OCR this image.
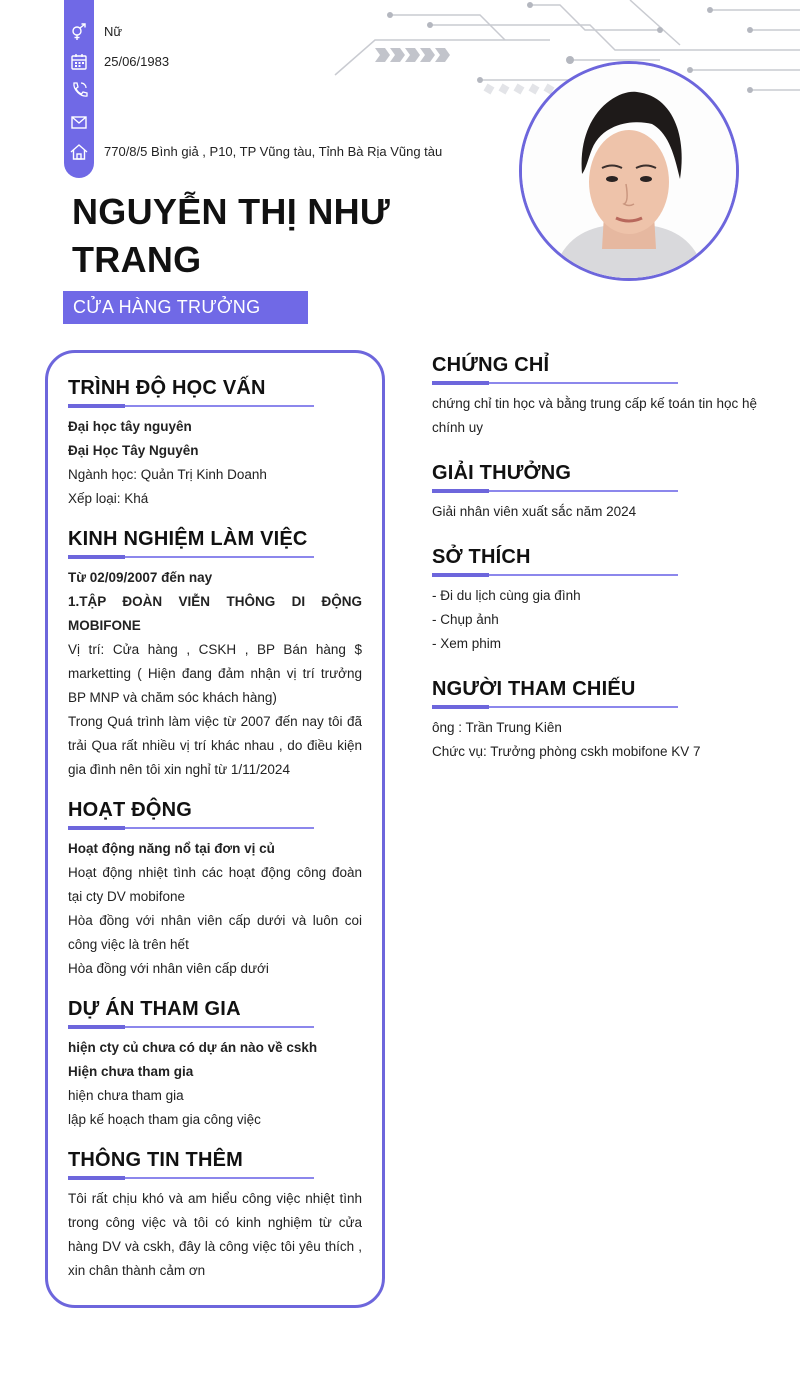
Nữ
25/06/1983
770/8/5 Bình giả , P10, TP Vũng tàu, Tỉnh Bà Rịa Vũng tàu
NGUYỄN THỊ NHƯ TRANG
CỬA HÀNG TRƯỞNG
TRÌNH ĐỘ HỌC VẤN

Đại học tây nguyên

Đại Học Tây Nguyên

Ngành học: Quản Trị Kinh Doanh

Xếp loại: Khá

KINH NGHIỆM LÀM VIỆC

Từ 02/09/2007 đến nay

1.TẬP ĐOÀN VIỄN THÔNG DI ĐỘNG MOBIFONE

Vị trí: Cửa hàng , CSKH , BP Bán hàng $ marketting ( Hiện đang đảm nhận vị trí trưởng BP MNP và chăm sóc khách hàng)

Trong Quá trình làm việc từ 2007 đến nay tôi đã trải Qua rất nhiều vị trí khác nhau , do điều kiện gia đình nên tôi xin nghỉ từ 1/11/2024

HOẠT ĐỘNG

Hoạt động năng nổ tại đơn vị củ

Hoạt động nhiệt tình các hoạt động công đoàn tại cty DV mobifone

Hòa đồng với nhân viên cấp dưới và luôn coi công việc là trên hết

Hòa đồng với nhân viên cấp dưới

DỰ ÁN THAM GIA

hiện cty củ chưa có dự án nào về cskh

Hiện chưa tham gia

hiện chưa tham gia

lập kế hoạch tham gia công việc

THÔNG TIN THÊM

Tôi rất chịu khó và am hiểu công việc nhiệt tình trong công việc và tôi có kinh nghiệm từ cửa hàng DV và cskh, đây là công việc tôi yêu thích , xin chân thành cảm ơn

CHỨNG CHỈ

chứng chỉ tin học và bằng trung cấp kế toán tin học hệ chính uy

GIẢI THƯỞNG

Giải nhân viên xuất sắc năm 2024

SỞ THÍCH

- Đi du lịch cùng gia đình

- Chụp ảnh

- Xem phim

NGƯỜI THAM CHIẾU

ông : Trần Trung Kiên

Chức vụ: Trưởng phòng cskh mobifone KV 7
